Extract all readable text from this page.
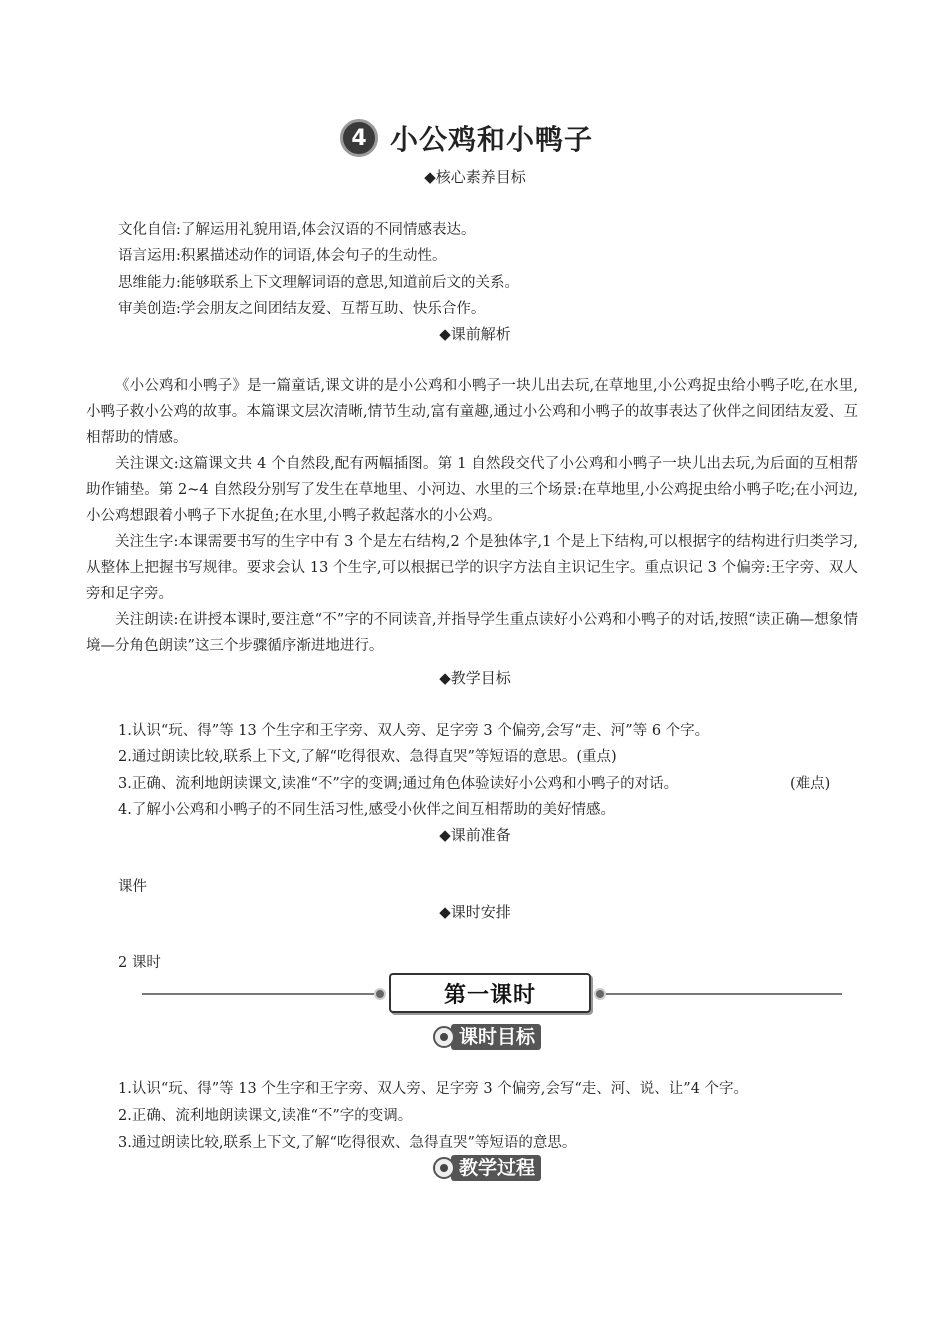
4 小公鸡和小鸭子
◆核心素养目标
文化自信:了解运用礼貌用语,体会汉语的不同情感表达。
语言运用:积累描述动作的词语,体会句子的生动性。
思维能力:能够联系上下文理解词语的意思,知道前后文的关系。
审美创造:学会朋友之间团结友爱、互帮互助、快乐合作。
◆课前解析

《小公鸡和小鸭子》是一篇童话,课文讲的是小公鸡和小鸭子一块儿出去玩,在草地里,小公鸡捉虫给小鸭子吃,在水里,小鸭子救小公鸡的故事。本篇课文层次清晰,情节生动,富有童趣,通过小公鸡和小鸭子的故事表达了伙伴之间团结友爱、互相帮助的情感。

关注课文:这篇课文共 4 个自然段,配有两幅插图。第 1 自然段交代了小公鸡和小鸭子一块儿出去玩,为后面的互相帮助作铺垫。第 2~4 自然段分别写了发生在草地里、小河边、水里的三个场景:在草地里,小公鸡捉虫给小鸭子吃;在小河边,小公鸡想跟着小鸭子下水捉鱼;在水里,小鸭子救起落水的小公鸡。

关注生字:本课需要书写的生字中有 3 个是左右结构,2 个是独体字,1 个是上下结构,可以根据字的结构进行归类学习,从整体上把握书写规律。要求会认 13 个生字,可以根据已学的识字方法自主识记生字。重点识记 3 个偏旁:王字旁、双人旁和足字旁。

关注朗读:在讲授本课时,要注意“不”字的不同读音,并指导学生重点读好小公鸡和小鸭子的对话,按照“读正确—想象情境—分角色朗读”这三个步骤循序渐进地进行。

◆教学目标
1.认识“玩、得”等 13 个生字和王字旁、双人旁、足字旁 3 个偏旁,会写“走、河”等 6 个字。
2.通过朗读比较,联系上下文,了解“吃得很欢、急得直哭”等短语的意思。(重点)
3.正确、流利地朗读课文,读准“不”字的变调;通过角色体验读好小公鸡和小鸭子的对话。	(难点)
4.了解小公鸡和小鸭子的不同生活习性,感受小伙伴之间互相帮助的美好情感。
◆课前准备
课件
◆课时安排
2 课时
第一课时
课时目标
1.认识“玩、得”等 13 个生字和王字旁、双人旁、足字旁 3 个偏旁,会写“走、河、说、让”4 个字。
2.正确、流利地朗读课文,读准“不”字的变调。
3.通过朗读比较,联系上下文,了解“吃得很欢、急得直哭”等短语的意思。
教学过程
